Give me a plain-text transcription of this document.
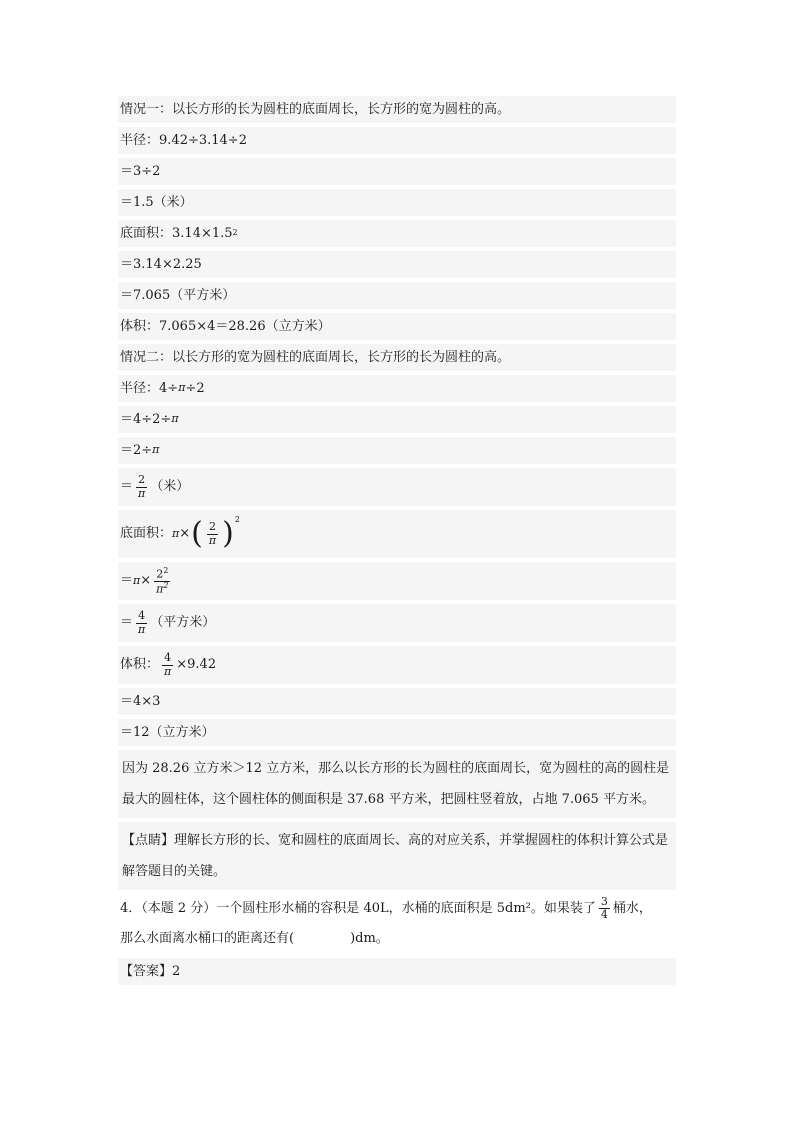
情况一：以长方形的长为圆柱的底面周长，长方形的宽为圆柱的高。
半径： 9.42÷3.14÷2
＝3÷2
＝1.5（米）
底面积： 3.14×1.5 2
＝3.14×2.25
＝7.065（平方米）
体积：7.065×4＝28.26（立方米）
情况二：以长方形的宽为圆柱的底面周长，长方形的长为圆柱的高。
半径： 4÷ π ÷2
＝4÷2÷ π
＝2÷ π
＝ $\frac{2}{\pi}$ （米）
底面积： π × ( $\frac{2}{\pi}$ ) 2
＝ $\pi \times \frac{2^2}{\pi^2}$
＝ $\frac{4}{\pi}$ （平方米）
体积： $\frac{4}{\pi} \times 9.42$
＝4×3
＝12（立方米）
因为 28.26 立方米＞12 立方米，那么以长方形的长为圆柱的底面周长，宽为圆柱的高的圆柱是最大的圆柱体，这个圆柱体的侧面积是 37.68 平方米，把圆柱竖着放，占地 7.065 平方米。
【点睛】理解长方形的长、宽和圆柱的底面周长、高的对应关系，并掌握圆柱的体积计算公式是解答题目的关键。
4．（本题 2 分）一个圆柱形水桶的容积是 40L，水桶的底面积是 5dm²。如果装了 $\frac{3}{4}$ 桶水，
那么水面离水桶口的距离还有(	)dm。
【答案】2
